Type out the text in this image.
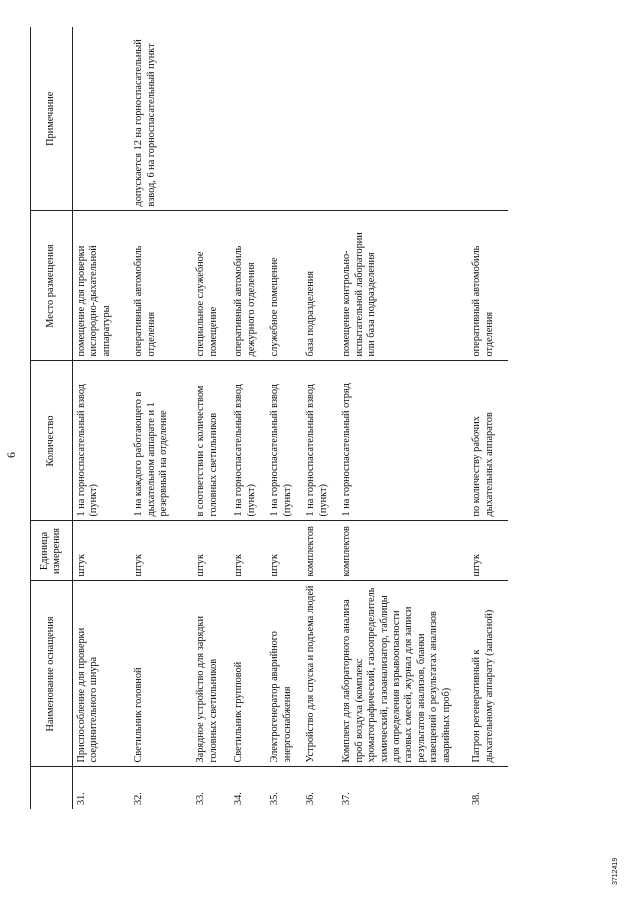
6
	Наименование оснащения	Единица измерения	Количество	Место размещения	Примечание
31.	Приспособление для проверки соединительного шнура	штук	1 на горноспасательный взвод (пункт)	помещение для проверки кислородно-дыхательной аппаратуры	
32.	Светильник головной	штук	1 на каждого работающего в дыхательном аппарате и 1 резервный на отделение	оперативный автомобиль отделения	допускается 12 на горноспасательный взвод, 6 на горноспасательный пункт
33.	Зарядное устройство для зарядки головных светильников	штук	в соответствии с количеством головных светильников	специальное служебное помещение	
34.	Светильник групповой	штук	1 на горноспасательный взвод (пункт)	оперативный автомобиль дежурного отделения	
35.	Электрогенератор аварийного энергоснабжения	штук	1 на горноспасательный взвод (пункт)	служебное помещение	
36.	Устройство для спуска и подъема людей	комплектов	1 на горноспасательный взвод (пункт)	база подразделения	
37.	Комплект для лабораторного анализа проб воздуха (комплекс хроматографический, газоопределитель химический, газоанализатор, таблицы для определения взрывоопасности газовых смесей, журнал для записи результатов анализов, бланки извещений о результатах анализов аварийных проб)	комплектов	1 на горноспасательный отряд	помещение контрольно-испытательной лаборатории или база подразделения	
38.	Патрон регенеративный к дыхательному аппарату (запасной)	штук	по количеству рабочих дыхательных аппаратов	оперативный автомобиль отделения	
3712419
